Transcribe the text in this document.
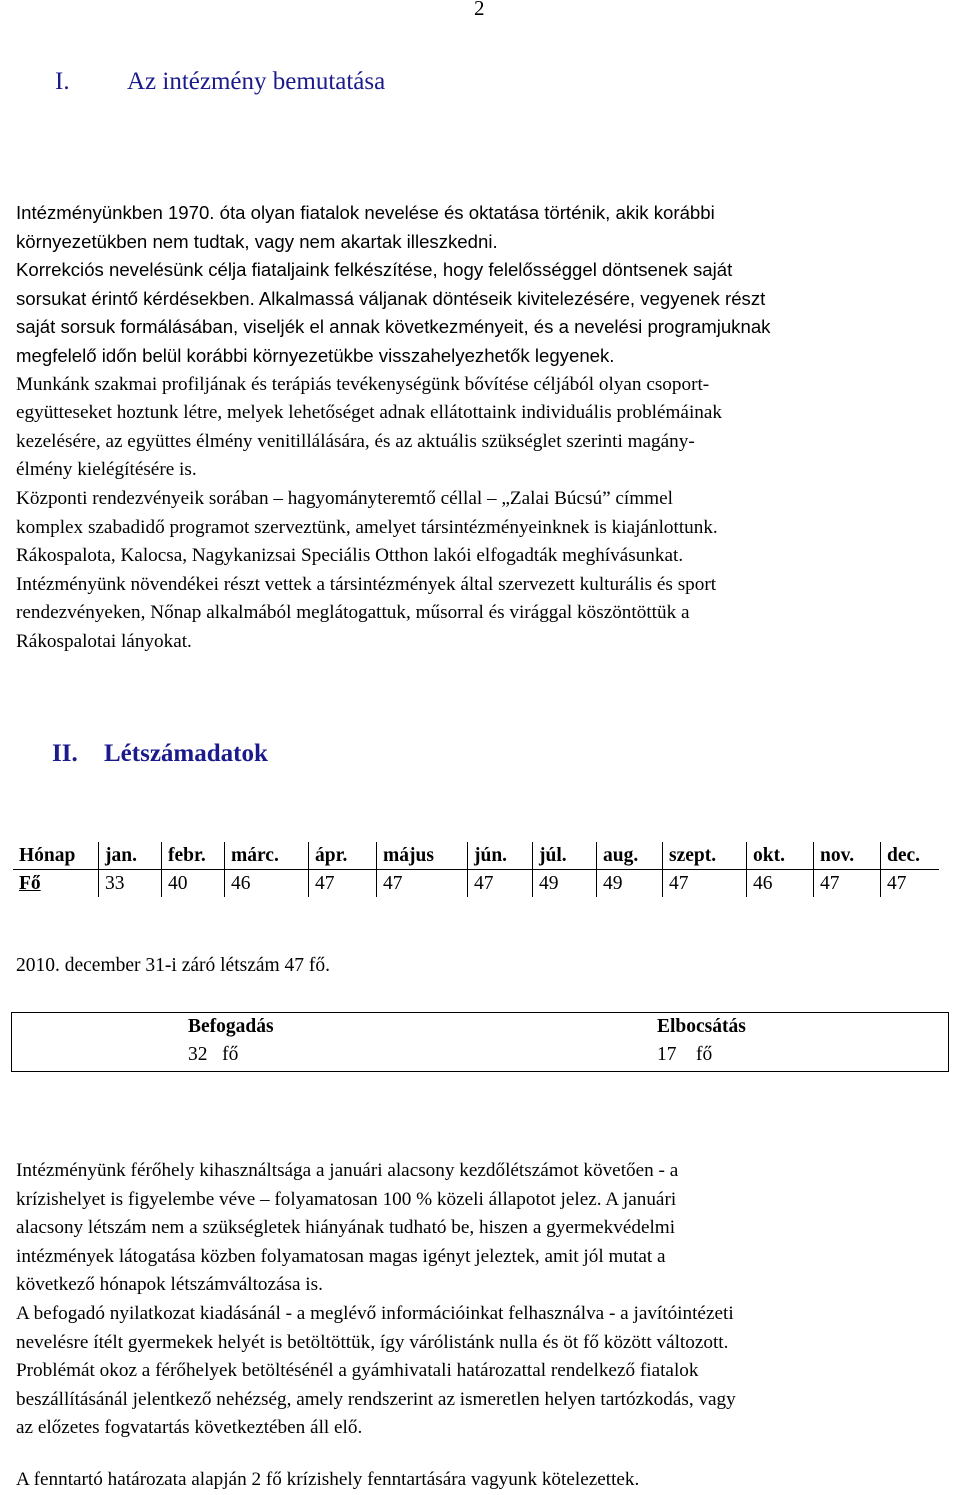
2
I. Az intézmény bemutatása
Intézményünkben 1970. óta olyan fiatalok nevelése és oktatása történik, akik korábbi
környezetükben nem tudtak, vagy nem akartak illeszkedni.
Korrekciós nevelésünk célja fiataljaink felkészítése, hogy felelősséggel döntsenek saját
sorsukat érintő kérdésekben. Alkalmassá váljanak döntéseik kivitelezésére, vegyenek részt
saját sorsuk formálásában, viseljék el annak következményeit, és a nevelési programjuknak
megfelelő időn belül korábbi környezetükbe visszahelyezhetők legyenek.
Munkánk szakmai profiljának és terápiás tevékenységünk bővítése céljából olyan csoport-
együtteseket hoztunk létre, melyek lehetőséget adnak ellátottaink individuális problémáinak
kezelésére, az együttes élmény venitillálására, és az aktuális szükséglet szerinti magány-
élmény kielégítésére is.
Központi rendezvényeik sorában – hagyományteremtő céllal – „Zalai Búcsú” címmel
komplex szabadidő programot szerveztünk, amelyet társintézményeinknek is kiajánlottunk.
Rákospalota, Kalocsa, Nagykanizsai Speciális Otthon lakói elfogadták meghívásunkat.
Intézményünk növendékei részt vettek a társintézmények által szervezett kulturális és sport
rendezvényeken, Nőnap alkalmából meglátogattuk, műsorral és virággal köszöntöttük a
Rákospalotai lányokat.
II. Létszámadatok
Hónap	jan.	febr.	márc.	ápr.	május	jún.	júl.	aug.	szept.	okt.	nov.	dec.
Fő	33	40	46	47	47	47	49	49	47	46	47	47
2010. december 31-i záró létszám 47 fő.
Befogadás	Elbocsátás
32   fő	17    fő
Intézményünk férőhely kihasználtsága a januári alacsony kezdőlétszámot követően - a
krízishelyet is figyelembe véve – folyamatosan 100 % közeli állapotot jelez. A januári
alacsony létszám nem a szükségletek hiányának tudható be, hiszen a gyermekvédelmi
intézmények látogatása közben folyamatosan magas igényt jeleztek, amit jól mutat a
következő hónapok létszámváltozása is.
A befogadó nyilatkozat kiadásánál - a meglévő információinkat felhasználva - a javítóintézeti
nevelésre ítélt gyermekek helyét is betöltöttük, így várólistánk nulla és öt fő között változott.
Problémát okoz a férőhelyek betöltésénél a gyámhivatali határozattal rendelkező fiatalok
beszállításánál jelentkező nehézség, amely rendszerint az ismeretlen helyen tartózkodás, vagy
az előzetes fogvatartás következtében áll elő.
A fenntartó határozata alapján 2 fő krízishely fenntartására vagyunk kötelezettek.
